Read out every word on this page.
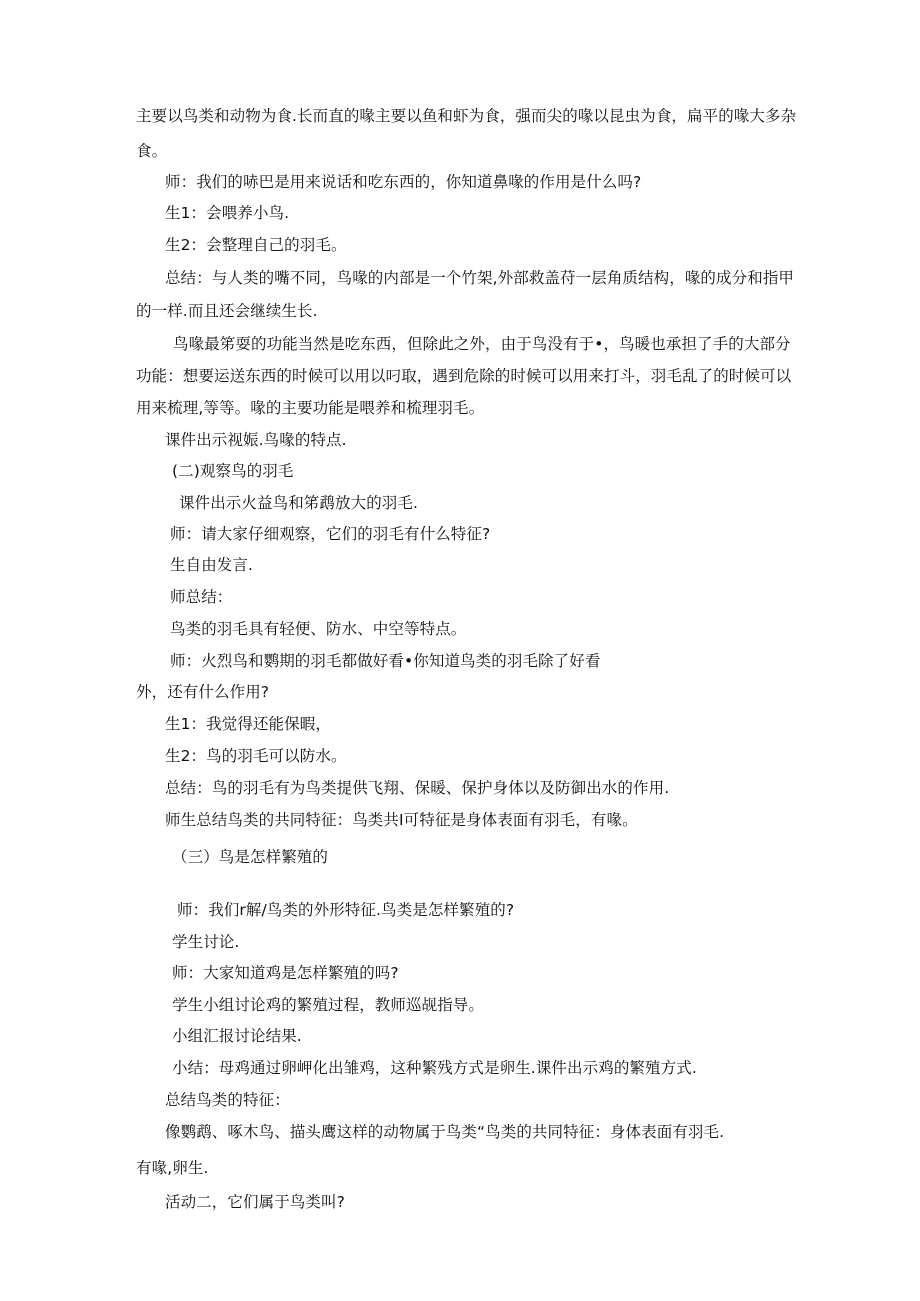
主要以鸟类和动物为食.长而直的喙主要以鱼和虾为食，强而尖的喙以昆虫为食，扁平的喙大多杂
食。
师：我们的哧巴是用来说话和吃东西的，你知道鼻喙的作用是什么吗?
生1：会喂养小鸟.
生2：会整理自己的羽毛。
总结：与人类的嘴不同，鸟喙的内部是一个竹架,外部救盖苻一层角质结构，喙的成分和指甲
的一样.而且还会继续生长.
鸟喙最笫耍的功能当然是吃东西，但除此之外，由于鸟没有于•，鸟暖也承担了手的大部分
功能：想要运送东西的时候可以用以叼取，遇到危除的时候可以用来打斗，羽毛乱了的时候可以
用来梳理,等等。喙的主要功能是喂养和梳理羽毛。
课件出示视娠.鸟喙的特点.
(二)观察鸟的羽毛
课件出示火益鸟和笫鹉放大的羽毛.
师：请大家仔细观察，它们的羽毛有什么特征?
生自由发言.
师总结：
鸟类的羽毛具有轻便、防水、中空等特点。
师：火烈鸟和鹦期的羽毛都做好看•你知道鸟类的羽毛除了好看
外，还有什么作用?
生1：我觉得还能保暇，
生2：鸟的羽毛可以防水。
总结：鸟的羽毛有为鸟类提供飞翔、保暖、保护身体以及防御出水的作用.
师生总结鸟类的共同特征：鸟类共I可特征是身体表面有羽毛，有喙。
（三）鸟是怎样繁殖的
师：我们r解/鸟类的外形特征.鸟类是怎样繁殖的?
学生讨论.
师：大家知道鸡是怎样繁殖的吗?
学生小组讨论鸡的繁殖过程，教师巡觇指导。
小组汇报讨论结果.
小结：母鸡通过卵岬化出雏鸡，这种繁残方式是卵生.课件出示鸡的繁殖方式.
总结鸟类的特征：
像鹦鹉、啄木鸟、描头鹰这样的动物属于鸟类“鸟类的共同特征：身体表面有羽毛.
有喙,卵生.
活动二，它们属于鸟类叫?
